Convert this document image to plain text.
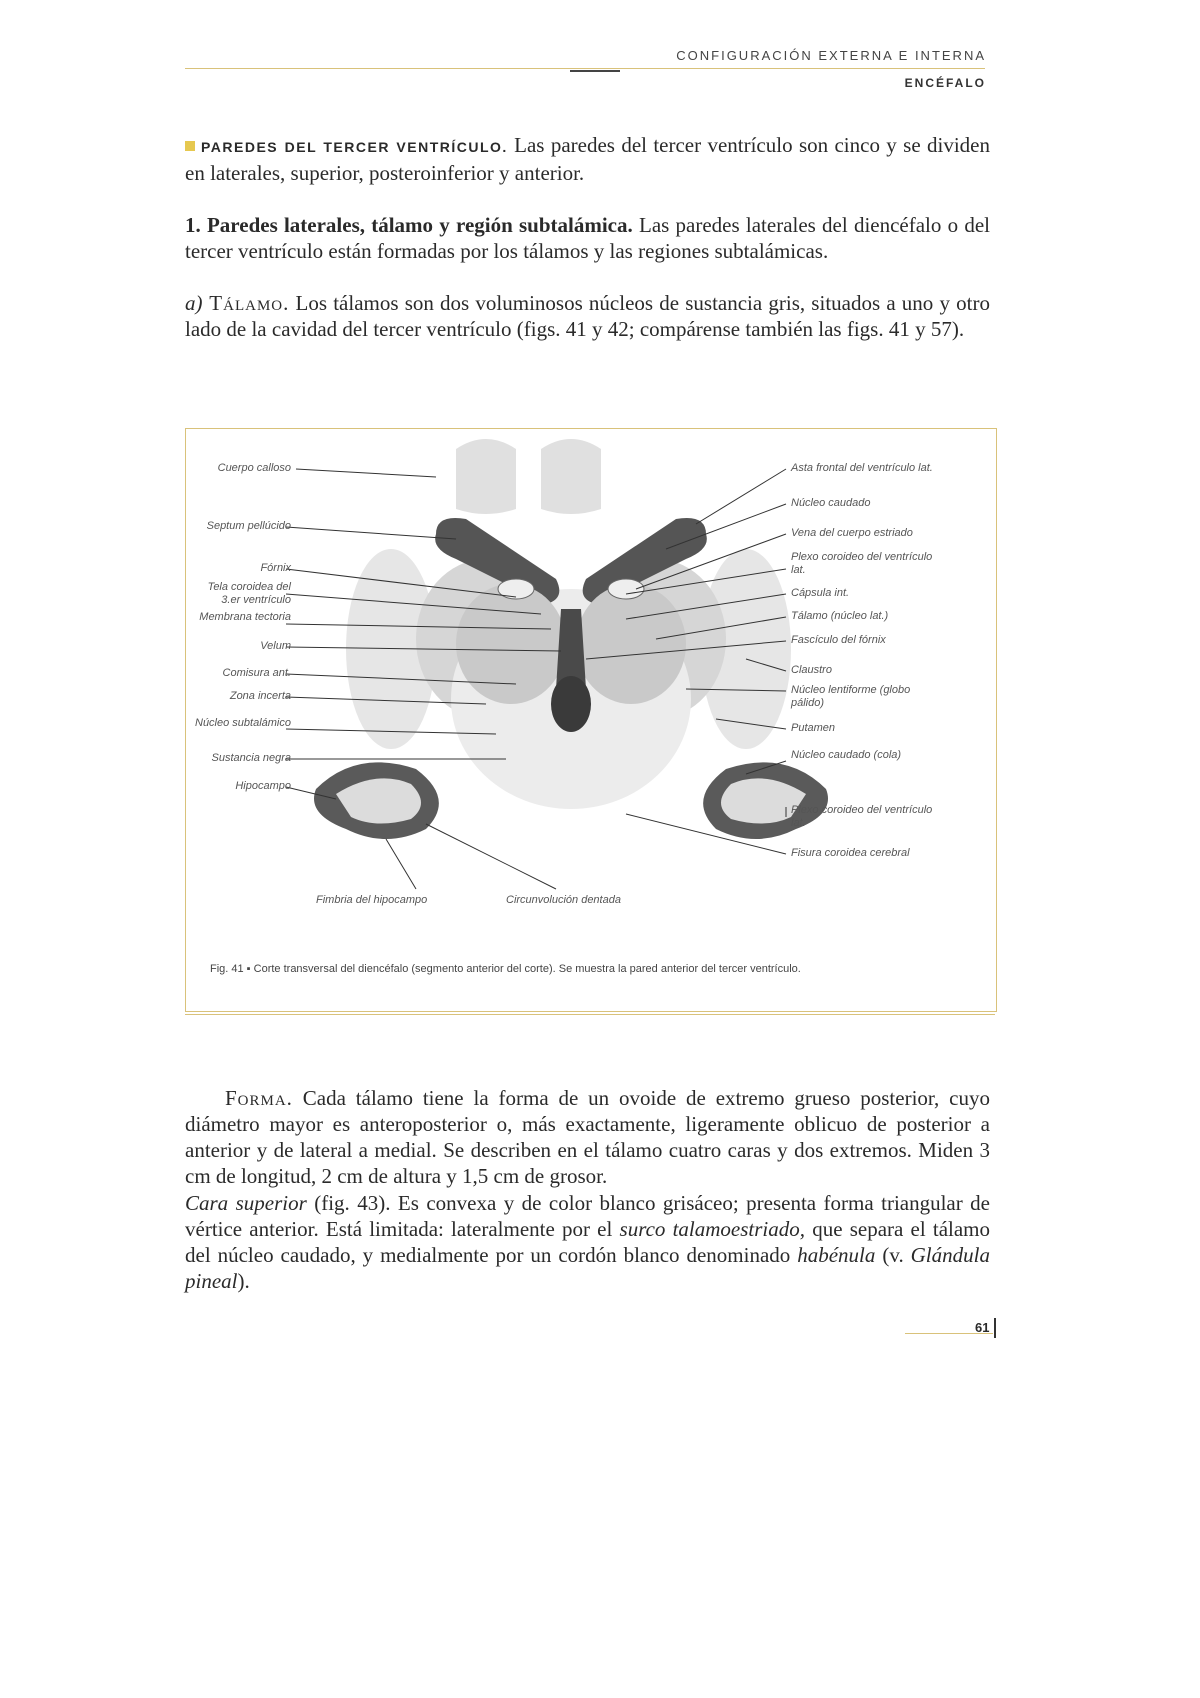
CONFIGURACIÓN EXTERNA E INTERNA
ENCÉFALO
PAREDES DEL TERCER VENTRÍCULO. Las paredes del tercer ventrículo son cinco y se dividen en laterales, superior, posteroinferior y anterior.
1. Paredes laterales, tálamo y región subtalámica. Las paredes laterales del diencéfalo o del tercer ventrículo están formadas por los tálamos y las regiones subtalámicas.
a) Tálamo. Los tálamos son dos voluminosos núcleos de sustancia gris, situados a uno y otro lado de la cavidad del tercer ventrículo (figs. 41 y 42; compárense también las figs. 41 y 57).
Cuerpo calloso
Septum pellúcido
Fórnix
Tela coroidea del 3.er ventrículo
Membrana tectoria
Velum
Comisura ant.
Zona incerta
Núcleo subtalámico
Sustancia negra
Hipocampo
Asta frontal del ventrículo lat.
Núcleo caudado
Vena del cuerpo estriado
Plexo coroideo del ventrículo lat.
Cápsula int.
Tálamo (núcleo lat.)
Fascículo del fórnix
Claustro
Núcleo lentiforme (globo pálido)
Putamen
Núcleo caudado (cola)
Plexo coroideo del ventrículo lat.
Fisura coroidea cerebral
Fimbria del hipocampo	Circunvolución dentada
Fig. 41 ▪ Corte transversal del diencéfalo (segmento anterior del corte). Se muestra la pared anterior del tercer ventrículo.
Forma. Cada tálamo tiene la forma de un ovoide de extremo grueso posterior, cuyo diámetro mayor es anteroposterior o, más exactamente, ligeramente oblicuo de posterior a anterior y de lateral a medial. Se describen en el tálamo cuatro caras y dos extremos. Miden 3 cm de longitud, 2 cm de altura y 1,5 cm de grosor.
Cara superior (fig. 43). Es convexa y de color blanco grisáceo; presenta forma triangular de vértice anterior. Está limitada: lateralmente por el surco talamoestriado, que separa el tálamo del núcleo caudado, y medialmente por un cordón blanco denominado habénula (v. Glándula pineal).
61
